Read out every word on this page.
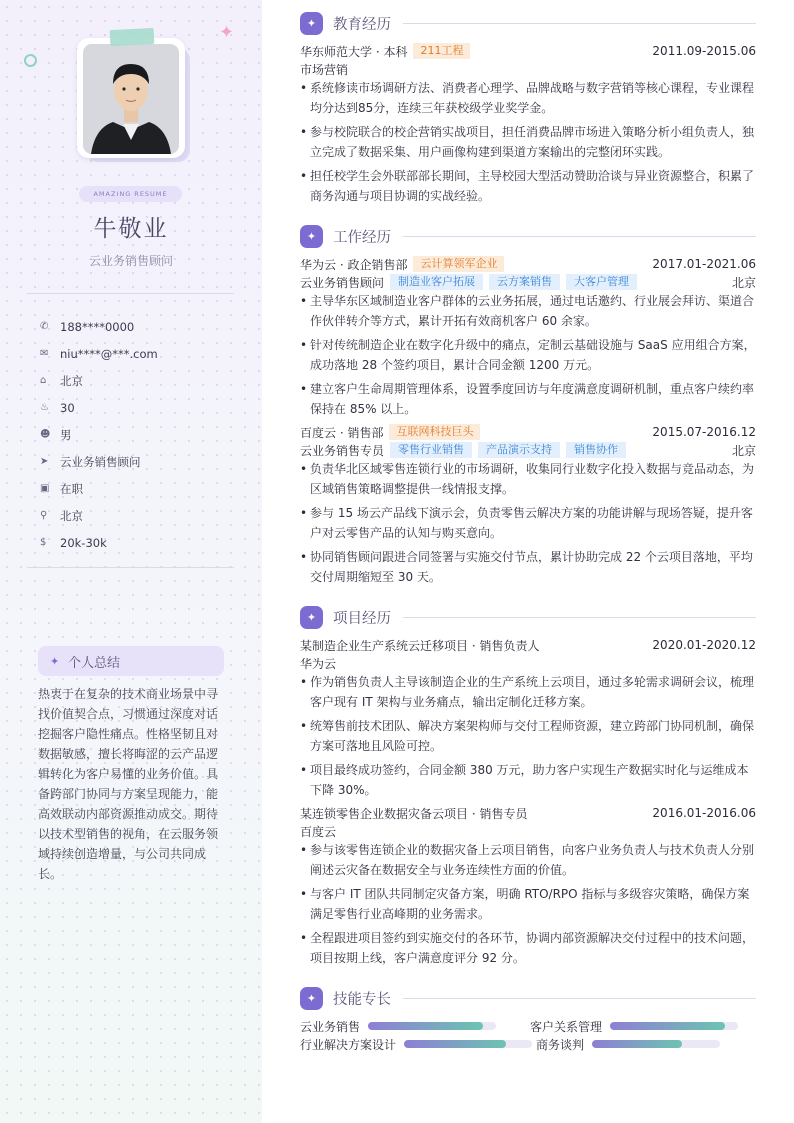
✦
AMAZING RESUME
牛敬业
云业务销售顾问
✆	188****0000
✉	niu****@***.com
⌂	北京
♨ 30
☻ 男
➤	云业务销售顾问
▣ 在职
⚲	北京
$	20k-30k
✦ 个人总结
热衷于在复杂的技术商业场景中寻找价值契合点，习惯通过深度对话挖掘客户隐性痛点。性格坚韧且对数据敏感，擅长将晦涩的云产品逻辑转化为客户易懂的业务价值。具备跨部门协同与方案呈现能力，能高效联动内部资源推动成交。期待以技术型销售的视角，在云服务领域持续创造增量，与公司共同成长。
✦	教育经历
华东师范大学 · 本科	211工程	2011.09-2015.06
市场营销
• 系统修读市场调研方法、消费者心理学、品牌战略与数字营销等核心课程，专业课程均分达到85分，连续三年获校级学业奖学金。
• 参与校院联合的校企营销实战项目，担任消费品牌市场进入策略分析小组负责人，独立完成了数据采集、用户画像构建到渠道方案输出的完整闭环实践。
• 担任校学生会外联部部长期间，主导校园大型活动赞助洽谈与异业资源整合，积累了商务沟通与项目协调的实战经验。
✦	工作经历
华为云 · 政企销售部	云计算领军企业	2017.01-2021.06
云业务销售顾问	制造业客户拓展	云方案销售	大客户管理	北京
• 主导华东区域制造业客户群体的云业务拓展，通过电话邀约、行业展会拜访、渠道合作伙伴转介等方式，累计开拓有效商机客户 60 余家。
• 针对传统制造企业在数字化升级中的痛点，定制云基础设施与 SaaS 应用组合方案，成功落地 28 个签约项目，累计合同金额 1200 万元。
• 建立客户生命周期管理体系，设置季度回访与年度满意度调研机制，重点客户续约率保持在 85% 以上。
百度云 · 销售部	互联网科技巨头	2015.07-2016.12
云业务销售专员	零售行业销售	产品演示支持	销售协作	北京
• 负责华北区域零售连锁行业的市场调研，收集同行业数字化投入数据与竞品动态，为区域销售策略调整提供一线情报支撑。
• 参与 15 场云产品线下演示会，负责零售云解决方案的功能讲解与现场答疑，提升客户对云零售产品的认知与购买意向。
• 协同销售顾问跟进合同签署与实施交付节点，累计协助完成 22 个云项目落地，平均交付周期缩短至 30 天。
✦	项目经历
某制造企业生产系统云迁移项目 · 销售负责人	2020.01-2020.12
华为云
• 作为销售负责人主导该制造企业的生产系统上云项目，通过多轮需求调研会议，梳理客户现有 IT 架构与业务痛点，输出定制化迁移方案。
• 统筹售前技术团队、解决方案架构师与交付工程师资源，建立跨部门协同机制，确保方案可落地且风险可控。
• 项目最终成功签约，合同金额 380 万元，助力客户实现生产数据实时化与运维成本下降 30%。
某连锁零售企业数据灾备云项目 · 销售专员	2016.01-2016.06
百度云
• 参与该零售连锁企业的数据灾备上云项目销售，向客户业务负责人与技术负责人分别阐述云灾备在数据安全与业务连续性方面的价值。
• 与客户 IT 团队共同制定灾备方案，明确 RTO/RPO 指标与多级容灾策略，确保方案满足零售行业高峰期的业务需求。
• 全程跟进项目签约到实施交付的各环节，协调内部资源解决交付过程中的技术问题，项目按期上线，客户满意度评分 92 分。
✦	技能专长
云业务销售	客户关系管理
行业解决方案设计	商务谈判
